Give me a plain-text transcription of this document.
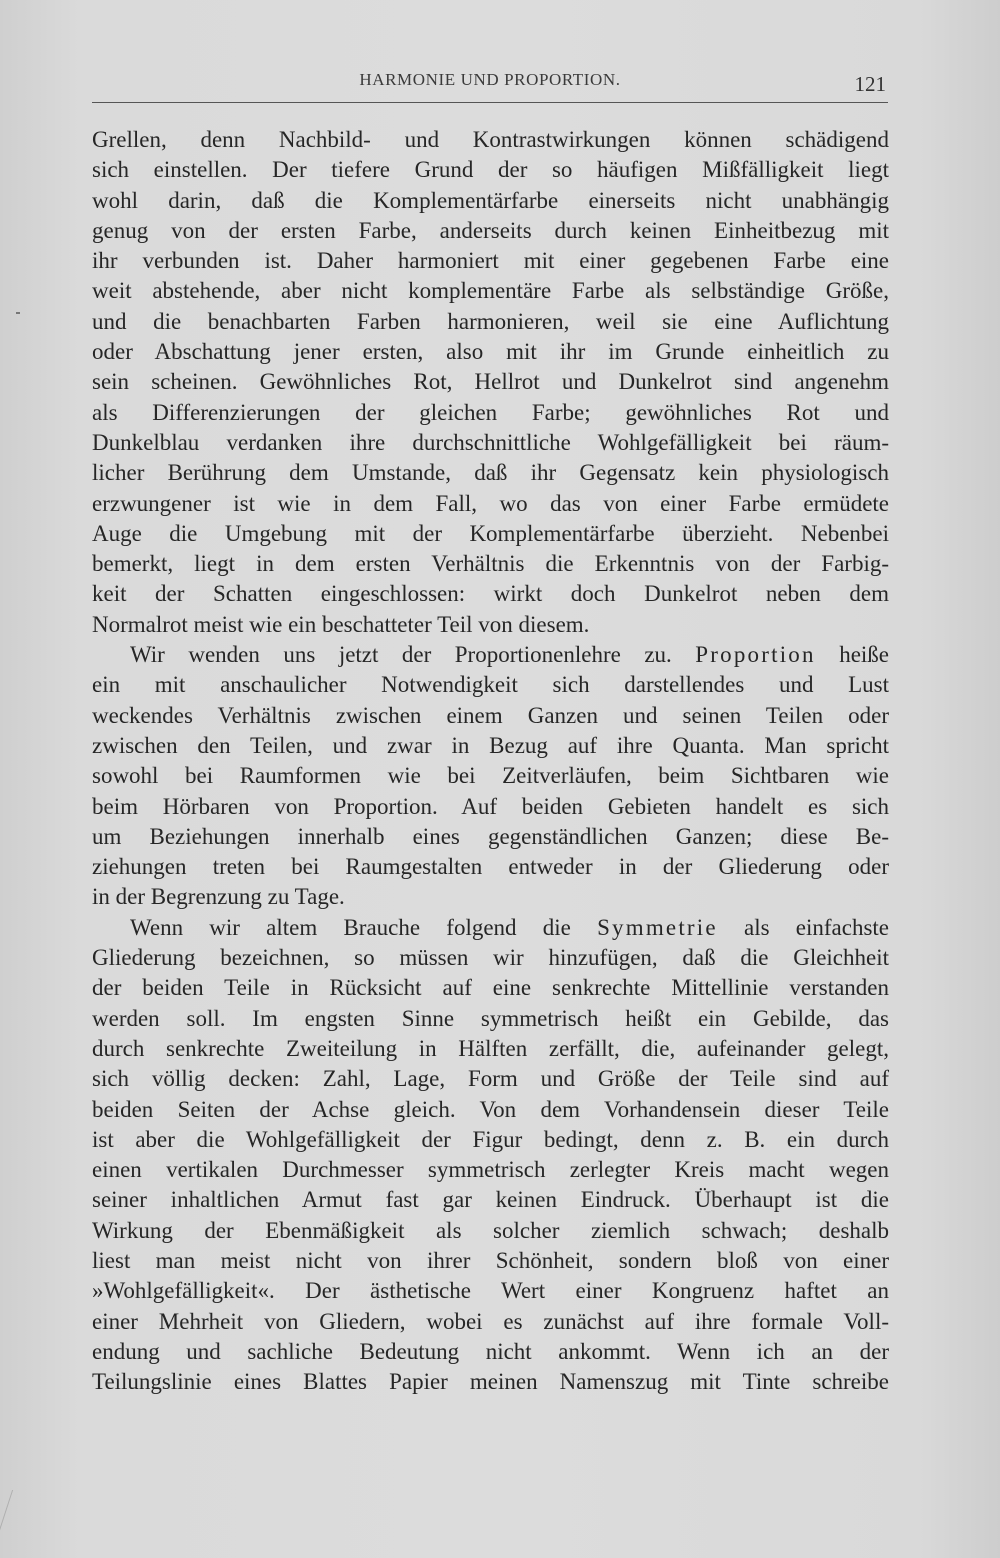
HARMONIE UND PROPORTION.	121
Grellen, denn Nachbild- und Kontrastwirkungen können schädigend
sich einstellen. Der tiefere Grund der so häufigen Mißfälligkeit liegt
wohl darin, daß die Komplementärfarbe einerseits nicht unabhängig
genug von der ersten Farbe, anderseits durch keinen Einheitbezug mit
ihr verbunden ist. Daher harmoniert mit einer gegebenen Farbe eine
weit abstehende, aber nicht komplementäre Farbe als selbständige Größe,
und die benachbarten Farben harmonieren, weil sie eine Auflichtung
oder Abschattung jener ersten, also mit ihr im Grunde einheitlich zu
sein scheinen. Gewöhnliches Rot, Hellrot und Dunkelrot sind angenehm
als Differenzierungen der gleichen Farbe; gewöhnliches Rot und
Dunkelblau verdanken ihre durchschnittliche Wohlgefälligkeit bei räum-
licher Berührung dem Umstande, daß ihr Gegensatz kein physiologisch
erzwungener ist wie in dem Fall, wo das von einer Farbe ermüdete
Auge die Umgebung mit der Komplementärfarbe überzieht. Nebenbei
bemerkt, liegt in dem ersten Verhältnis die Erkenntnis von der Farbig-
keit der Schatten eingeschlossen: wirkt doch Dunkelrot neben dem
Normalrot meist wie ein beschatteter Teil von diesem.
Wir wenden uns jetzt der Proportionenlehre zu. Proportion heiße
ein mit anschaulicher Notwendigkeit sich darstellendes und Lust
weckendes Verhältnis zwischen einem Ganzen und seinen Teilen oder
zwischen den Teilen, und zwar in Bezug auf ihre Quanta. Man spricht
sowohl bei Raumformen wie bei Zeitverläufen, beim Sichtbaren wie
beim Hörbaren von Proportion. Auf beiden Gebieten handelt es sich
um Beziehungen innerhalb eines gegenständlichen Ganzen; diese Be-
ziehungen treten bei Raumgestalten entweder in der Gliederung oder
in der Begrenzung zu Tage.
Wenn wir altem Brauche folgend die Symmetrie als einfachste
Gliederung bezeichnen, so müssen wir hinzufügen, daß die Gleichheit
der beiden Teile in Rücksicht auf eine senkrechte Mittellinie verstanden
werden soll. Im engsten Sinne symmetrisch heißt ein Gebilde, das
durch senkrechte Zweiteilung in Hälften zerfällt, die, aufeinander gelegt,
sich völlig decken: Zahl, Lage, Form und Größe der Teile sind auf
beiden Seiten der Achse gleich. Von dem Vorhandensein dieser Teile
ist aber die Wohlgefälligkeit der Figur bedingt, denn z. B. ein durch
einen vertikalen Durchmesser symmetrisch zerlegter Kreis macht wegen
seiner inhaltlichen Armut fast gar keinen Eindruck. Überhaupt ist die
Wirkung der Ebenmäßigkeit als solcher ziemlich schwach; deshalb
liest man meist nicht von ihrer Schönheit, sondern bloß von einer
»Wohlgefälligkeit«. Der ästhetische Wert einer Kongruenz haftet an
einer Mehrheit von Gliedern, wobei es zunächst auf ihre formale Voll-
endung und sachliche Bedeutung nicht ankommt. Wenn ich an der
Teilungslinie eines Blattes Papier meinen Namenszug mit Tinte schreibe
